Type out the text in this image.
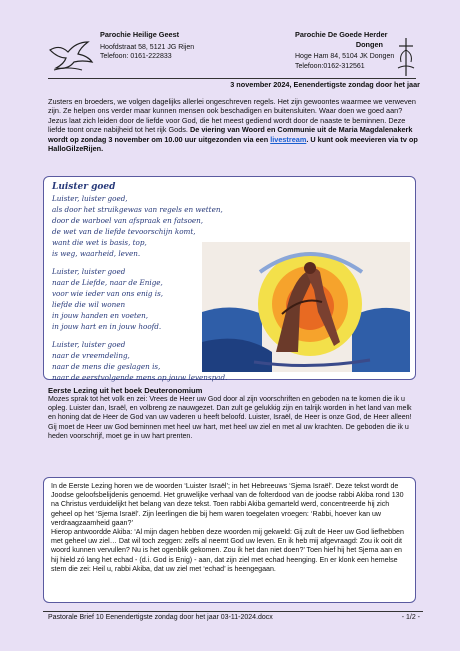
Parochie Heilige Geest
Hoofdstraat 58, 5121 JG Rijen
Telefoon: 0161-222833
Parochie De Goede Herder
Dongen
Hoge Ham 84, 5104 JK Dongen
Telefoon:0162-312561
3 november 2024, Eenendertigste zondag door het jaar
Zusters en broeders, we volgen dagelijks allerlei ongeschreven regels. Het zijn gewoontes waarmee we verweven zijn. Ze helpen ons verder maar kunnen mensen ook beschadigen en buitensluiten. Waar doen we goed aan? Jezus laat zich leiden door de liefde voor God, die het meest gediend wordt door de naaste te beminnen. Deze liefde toont onze nabijheid tot het rijk Gods. De viering van Woord en Communie uit de Maria Magdalenakerk wordt op zondag 3 november om 10.00 uur uitgezonden via een livestream. U kunt ook meevieren via tv op HalloGilzeRijen.
Luister goed
Luister, luister goed,
als door het struikgewas van regels en wetten,
door de warboel van afspraak en fatsoen,
de wet van de liefde tevoorschijn komt,
want die wet is basis, top,
is weg, waarheid, leven.
Luister, luister goed
naar de Liefde, naar de Enige,
voor wie ieder van ons enig is,
liefde die wil wonen
in jouw handen en voeten,
in jouw hart en in jouw hoofd.
Luister, luister goed
naar de vreemdeling,
naar de mens die geslagen is,
naar de eerstvolgende mens op jouw levenspad.
Eerste Lezing uit het boek Deuteronomium
Mozes sprak tot het volk en zei: Vrees de Heer uw God door al zijn voorschriften en geboden na te komen die ik u opleg. Luister dan, Israël, en volbreng ze nauwgezet. Dan zult ge gelukkig zijn en talrijk worden in het land van melk en honing dat de Heer de God van uw vaderen u heeft beloofd. Luister, Israël, de Heer is onze God, de Heer alleen! Gij moet de Heer uw God beminnen met heel uw hart, met heel uw ziel en met al uw krachten. De geboden die ik u heden voorschrijf, moet ge in uw hart prenten.

In de Eerste Lezing horen we de woorden ‘Luister Israël’; in het Hebreeuws ‘Sjema Israël’. Deze tekst wordt de Joodse geloofsbelijdenis genoemd. Het gruwelijke verhaal van de folterdood van de joodse rabbi Akiba rond 130 na Christus verduidelijkt het belang van deze tekst. Toen rabbi Akiba gemarteld werd, concentreerde hij zich geheel op het ‘Sjema Israël’. Zijn leerlingen die bij hem waren toegelaten vroegen: ‘Rabbi, hoever kan uw verdraagzaamheid gaan?’

Hierop antwoordde Akiba: ‘Al mijn dagen hebben deze woorden mij gekweld: Gij zult de Heer uw God liefhebben met geheel uw ziel… Dat wil toch zeggen: zelfs al neemt God uw leven. En ik heb mij afgevraagd: Zou ik ooit dit woord kunnen vervullen? Nu is het ogenblik gekomen. Zou ik het dan niet doen?’ Toen hief hij het Sjema aan en hij hield zó lang het echad - (d.i. God is Enig) - aan, dat zijn ziel met echad heenging. En er klonk een hemelse stem die zei: Heil u, rabbi Akiba, dat uw ziel met ‘echad’ is heengegaan.

Pastorale Brief 10 Eenendertigste zondag door het jaar 03-11-2024.docx	- 1/2 -
